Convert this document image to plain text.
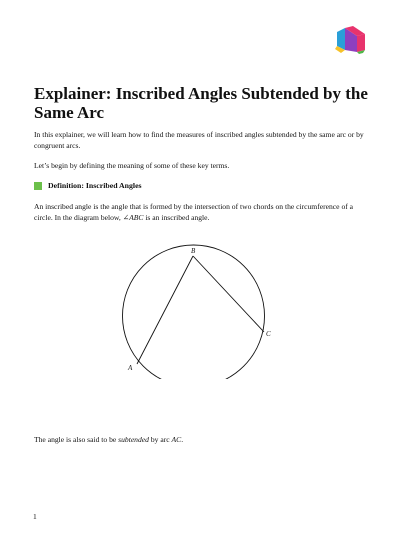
Explainer: Inscribed Angles Subtended by the Same Arc

In this explainer, we will learn how to find the measures of inscribed angles subtended by the same arc or by congruent arcs.

Let’s begin by defining the meaning of some of these key terms.

Definition: Inscribed Angles

An inscribed angle is the angle that is formed by the intersection of two chords on the circumference of a circle. In the diagram below, ∠ABC is an inscribed angle.

B
C
A

The angle is also said to be subtended by arc AC.

1
